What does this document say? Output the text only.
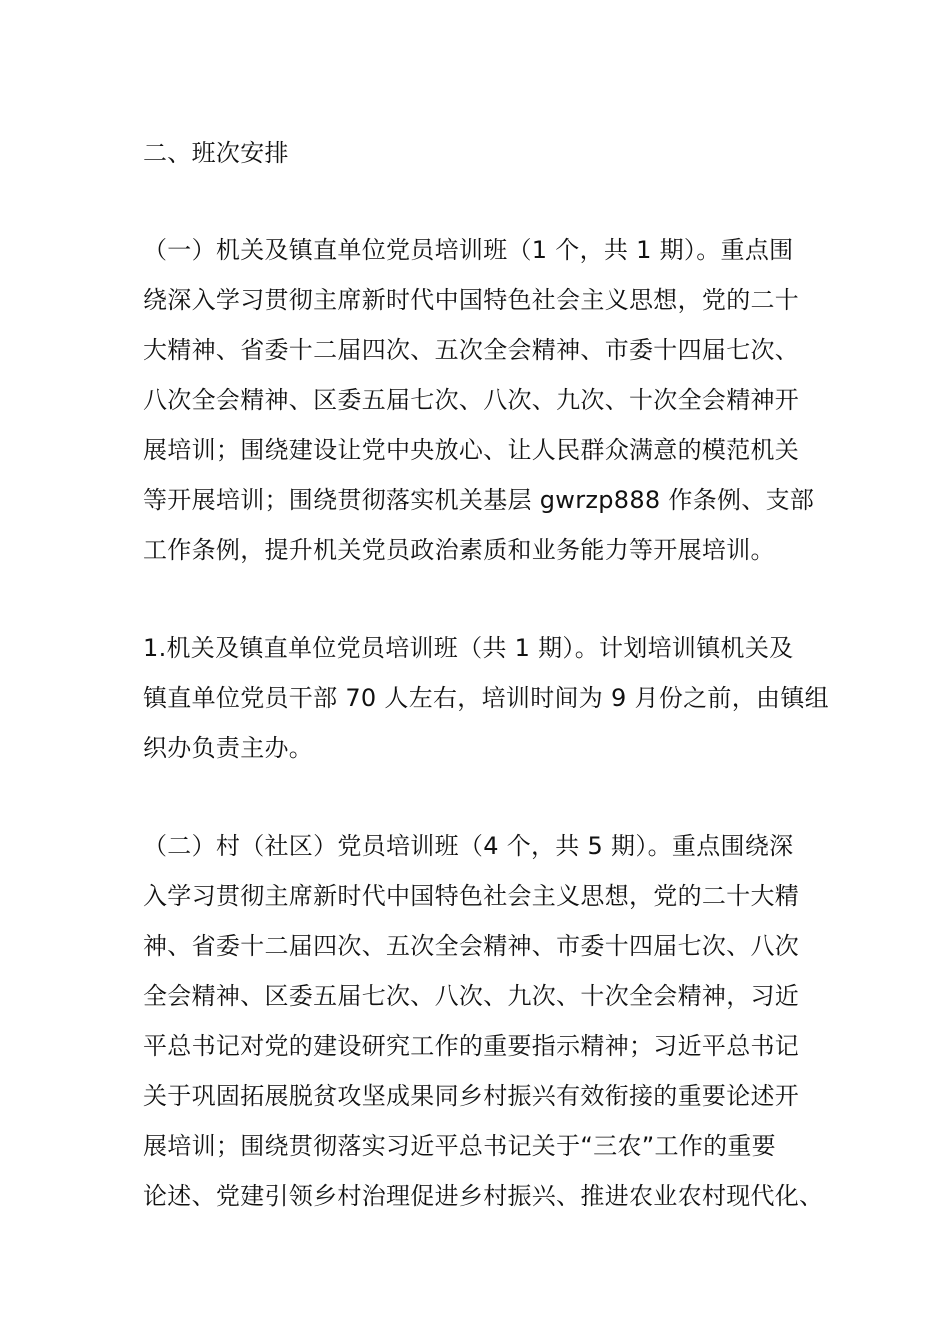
二、班次安排
（一）机关及镇直单位党员培训班（1 个，共 1 期）。重点围
绕深入学习贯彻主席新时代中国特色社会主义思想，党的二十
大精神、省委十二届四次、五次全会精神、市委十四届七次、
八次全会精神、区委五届七次、八次、九次、十次全会精神开
展培训；围绕建设让党中央放心、让人民群众满意的模范机关
等开展培训；围绕贯彻落实机关基层 gwrzp888 作条例、支部
工作条例，提升机关党员政治素质和业务能力等开展培训。
1.机关及镇直单位党员培训班（共 1 期）。计划培训镇机关及
镇直单位党员干部 70 人左右，培训时间为 9 月份之前，由镇组
织办负责主办。
（二）村（社区）党员培训班（4 个，共 5 期）。重点围绕深
入学习贯彻主席新时代中国特色社会主义思想，党的二十大精
神、省委十二届四次、五次全会精神、市委十四届七次、八次
全会精神、区委五届七次、八次、九次、十次全会精神，习近
平总书记对党的建设研究工作的重要指示精神；习近平总书记
关于巩固拓展脱贫攻坚成果同乡村振兴有效衔接的重要论述开
展培训；围绕贯彻落实习近平总书记关于“三农”工作的重要
论述、党建引领乡村治理促进乡村振兴、推进农业农村现代化、
